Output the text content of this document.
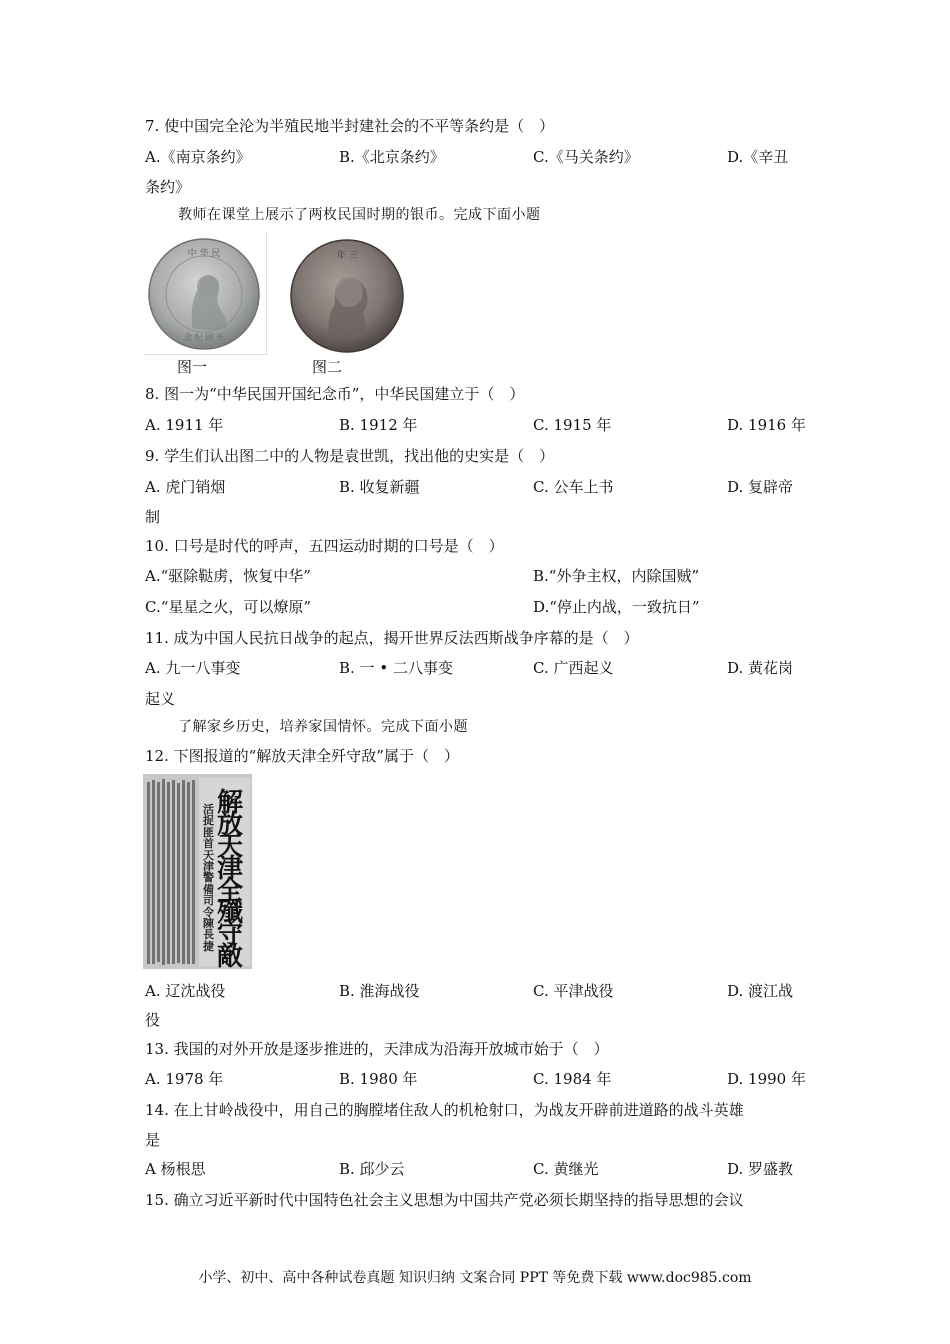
7. 使中国完全沦为半殖民地半封建社会的不平等条约是（　）
A.《南京条约》	B.《北京条约》	C.《马关条约》	D.《辛丑
条约》
教师在课堂上展示了两枚民国时期的银币。完成下面小题
中 华 民
念 纪 国 开
年 三
图一	图二
8. 图一为“中华民国开国纪念币”，中华民国建立于（　）
A. 1911 年	B. 1912 年	C. 1915 年	D. 1916 年
9. 学生们认出图二中的人物是袁世凯，找出他的史实是（　）
A. 虎门销烟	B. 收复新疆	C. 公车上书	D. 复辟帝
制
10. 口号是时代的呼声，五四运动时期的口号是（　）
A.“驱除鞑虏，恢复中华”	B.“外争主权，内除国贼”
C.“星星之火，可以燎原”	D.“停止内战，一致抗日”
11. 成为中国人民抗日战争的起点，揭开世界反法西斯战争序幕的是（　）
A. 九一八事变	B. 一 • 二八事变	C. 广西起义	D. 黄花岗
起义
了解家乡历史，培养家国情怀。完成下面小题
12. 下图报道的“解放天津全歼守敌”属于（　）
解放天津全殲守敵
活捉匪首天津警備司令陳長捷
A. 辽沈战役	B. 淮海战役	C. 平津战役	D. 渡江战
役
13. 我国的对外开放是逐步推进的，天津成为沿海开放城市始于（　）
A. 1978 年	B. 1980 年	C. 1984 年	D. 1990 年
14. 在上甘岭战役中，用自己的胸膛堵住敌人的机枪射口，为战友开辟前进道路的战斗英雄
是
A 杨根思	B. 邱少云	C. 黄继光	D. 罗盛教
15. 确立习近平新时代中国特色社会主义思想为中国共产党必须长期坚持的指导思想的会议
小学、初中、高中各种试卷真题 知识归纳 文案合同 PPT 等免费下载 www.doc985.com
